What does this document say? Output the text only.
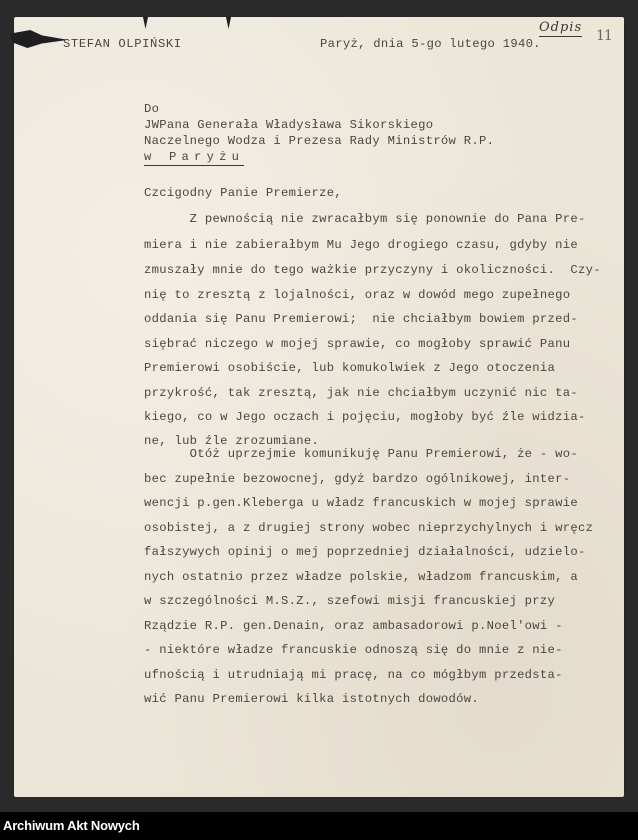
Odpis
11
STEFAN OLPIŃSKI	Paryż, dnia 5-go lutego 1940.
Do
JWPana Generała Władysława Sikorskiego
Naczelnego Wodza i Prezesa Rady Ministrów R.P.
w Paryżu
Czcigodny Panie Premierze,
Z pewnością nie zwracałbym się ponownie do Pana Pre-
miera i nie zabierałbym Mu Jego drogiego czasu, gdyby nie
zmuszały mnie do tego ważkie przyczyny i okoliczności.  Czy-
nię to zresztą z lojalności, oraz w dowód mego zupełnego
oddania się Panu Premierowi;  nie chciałbym bowiem przed-
siębrać niczego w mojej sprawie, co mogłoby sprawić Panu
Premierowi osobiście, lub komukolwiek z Jego otoczenia
przykrość, tak zresztą, jak nie chciałbym uczynić nic ta-
kiego, co w Jego oczach i pojęciu, mogłoby być źle widzia-
ne, lub źle zrozumiane.
Otóż uprzejmie komunikuję Panu Premierowi, że - wo-
bec zupełnie bezowocnej, gdyż bardzo ogólnikowej, inter-
wencji p.gen.Kleberga u władz francuskich w mojej sprawie
osobistej, a z drugiej strony wobec nieprzychylnych i wręcz
fałszywych opinij o mej poprzedniej działalności, udzielo-
nych ostatnio przez władze polskie, władzom francuskim, a
w szczególności M.S.Z., szefowi misji francuskiej przy
Rządzie R.P. gen.Denain, oraz ambasadorowi p.Noel'owi -
- niektóre władze francuskie odnoszą się do mnie z nie-
ufnością i utrudniają mi pracę, na co mógłbym przedsta-
wić Panu Premierowi kilka istotnych dowodów.
Archiwum Akt Nowych
